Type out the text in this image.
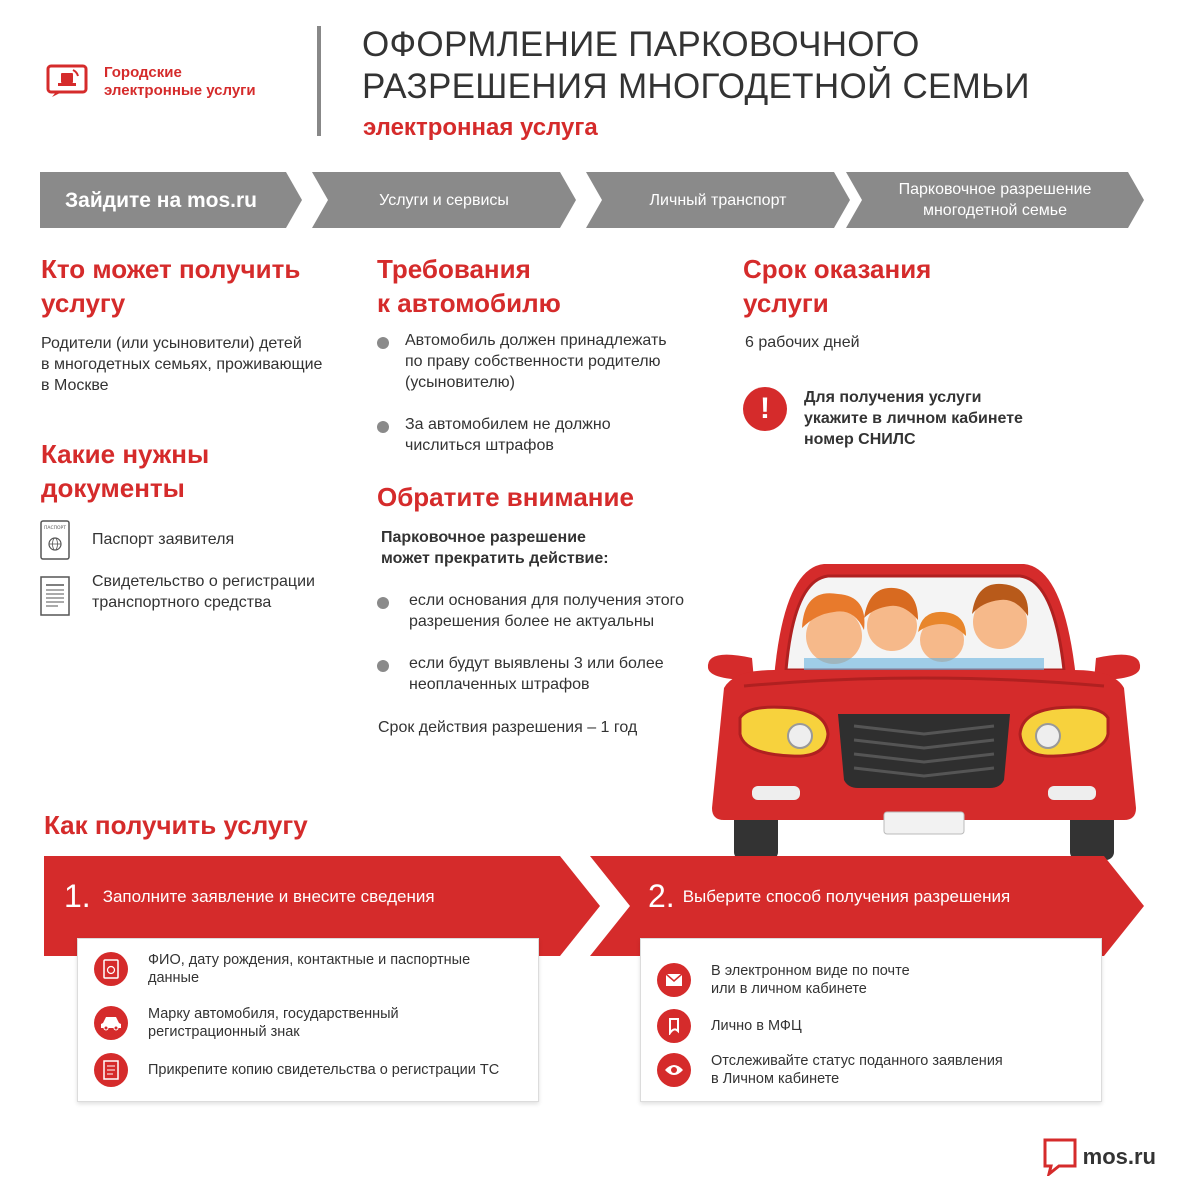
Городские
электронные услуги
ОФОРМЛЕНИЕ ПАРКОВОЧНОГО
РАЗРЕШЕНИЯ МНОГОДЕТНОЙ СЕМЬИ
электронная услуга
Зайдите на mos.ru	Услуги и сервисы	Личный транспорт
Парковочное разрешение
многодетной семье
Кто может получить
услугу
Родители (или усыновители) детей
в многодетных семьях, проживающие
в Москве
Какие нужны
документы
ПАСПОРТ
Паспорт заявителя
Свидетельство о регистрации
транспортного средства
Требования
к автомобилю
Автомобиль должен принадлежать
по праву собственности родителю
(усыновителю)
За автомобилем не должно
числиться штрафов
Обратите внимание
Парковочное разрешение
может прекратить действие:
если основания для получения этого
разрешения более не актуальны
если будут выявлены 3 или более
неоплаченных штрафов
Срок действия разрешения – 1 год
Срок оказания
услуги
6 рабочих дней
!	Для получения услуги
укажите в личном кабинете
номер СНИЛС
Как получить услугу
1. Заполните заявление и внесите сведения
ФИО, дату рождения, контактные и паспортные
данные
Марку автомобиля, государственный
регистрационный знак
Прикрепите копию свидетельства о регистрации ТС
2. Выберите способ получения разрешения
В электронном виде по почте
или в личном кабинете
Лично в МФЦ
Отслеживайте статус поданного заявления
в Личном кабинете
mos.ru
